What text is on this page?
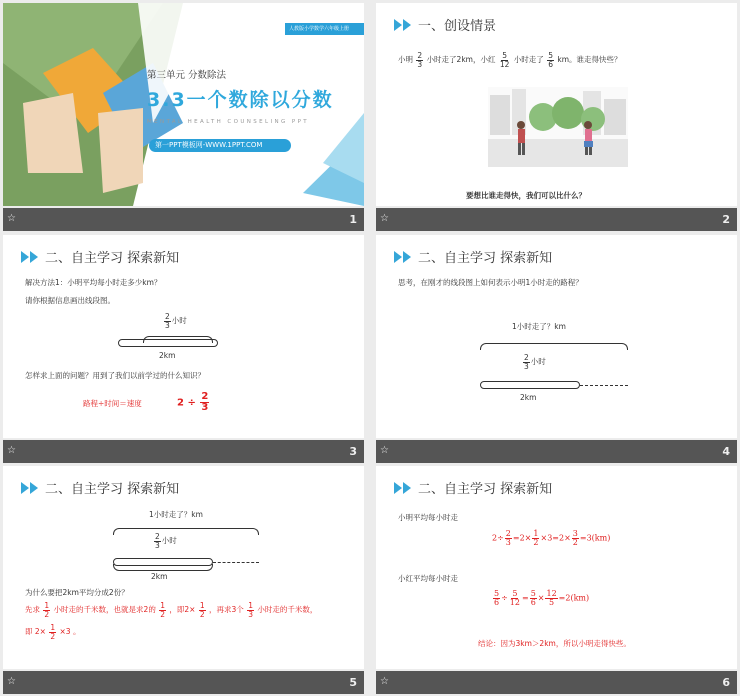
人教版小学数学六年级上册
第三单元 分数除法
3.3一个数除以分数
MENTAL HEALTH COUNSELING PPT
第一PPT模板网-WWW.1PPT.COM
☆	1
一、创设情景
小明 $\frac{2}{3}$ 小时走了2km，小红 $\frac{5}{12}$ 小时走了 $\frac{5}{6}$ km。谁走得快些？
要想比谁走得快，我们可以比什么？
☆	2
二、自主学习 探索新知
解决方法1：小明平均每小时走多少km？
请你根据信息画出线段图。
$\frac{2}{3}$ 小时
2km
怎样求上面的问题？用到了我们以前学过的什么知识？
路程÷时间＝速度	$2 \div \frac{2}{3}$
☆	3
二、自主学习 探索新知
思考，在刚才的线段图上如何表示小明1小时走的路程？
1小时走了？km
$\frac{2}{3}$ 小时
2km
☆	4
二、自主学习 探索新知
1小时走了？km
$\frac{2}{3}$ 小时
2km
为什么要把2km平均分成2份？
先求 $\frac{1}{2}$ 小时走的千米数，也就是求2的 $\frac{1}{2}$ ，即$2\times \frac{1}{2}$ ，再求3个 $\frac{1}{3}$ 小时走的千米数，
即 $2\times \frac{1}{2} \times 3$ 。
☆	5
二、自主学习 探索新知
小明平均每小时走
$2\div \frac{2}{3} =2\times \frac{1}{2} \times 3=2\times \frac{3}{2} =3(km)$
小红平均每小时走
$\frac{5}{6} \div \frac{5}{12} = \frac{5}{6} \times \frac{12}{5} =2(km)$
结论：因为3km＞2km，所以小明走得快些。
☆	6
